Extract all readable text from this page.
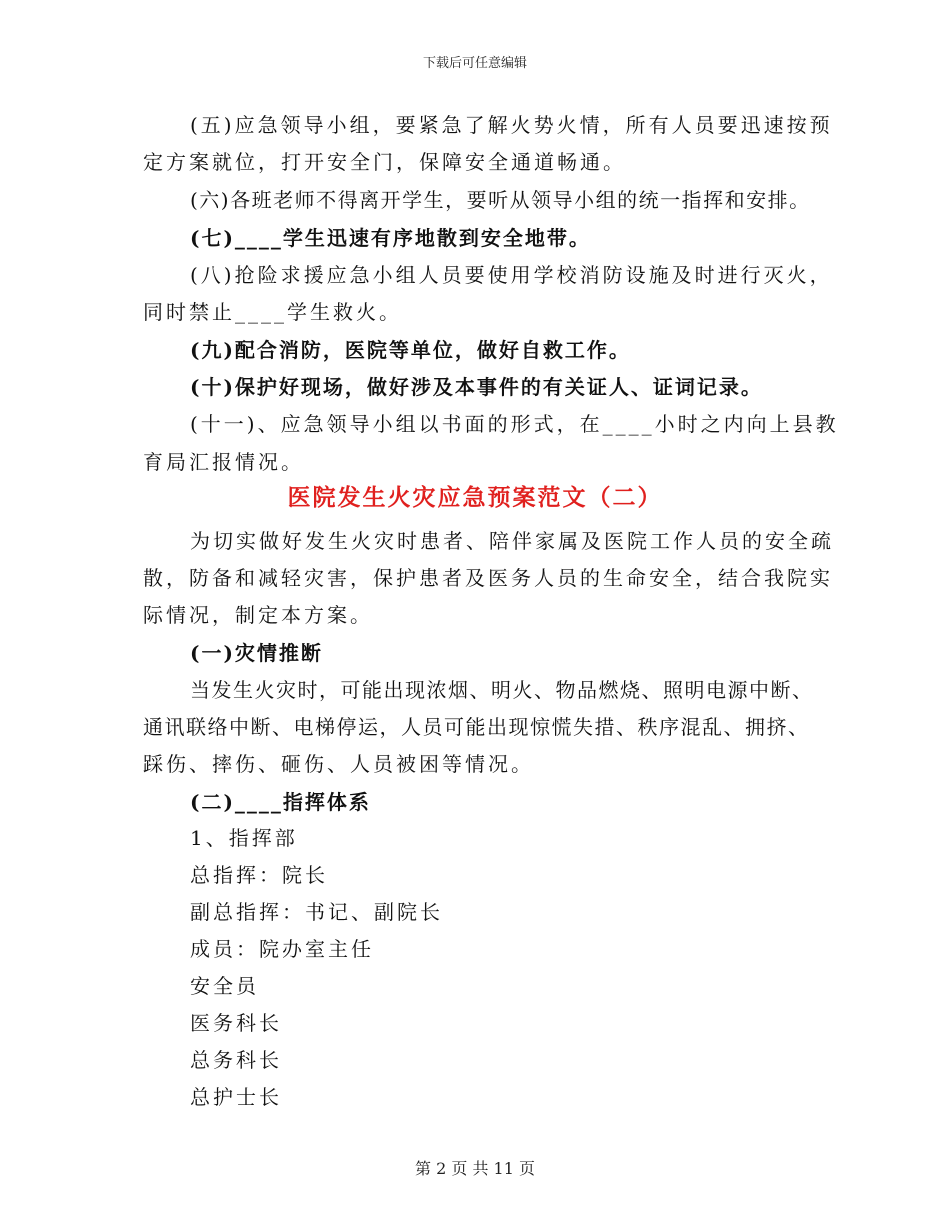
下载后可任意编辑
(五)应急领导小组，要紧急了解火势火情，所有人员要迅速按预
定方案就位，打开安全门，保障安全通道畅通。
(六)各班老师不得离开学生，要听从领导小组的统一指挥和安排。
(七)____学生迅速有序地散到安全地带。
(八)抢险求援应急小组人员要使用学校消防设施及时进行灭火，
同时禁止____学生救火。
(九)配合消防，医院等单位，做好自救工作。
(十)保护好现场，做好涉及本事件的有关证人、证词记录。
(十一)、应急领导小组以书面的形式，在____小时之内向上县教
育局汇报情况。
医院发生火灾应急预案范文（二）
为切实做好发生火灾时患者、陪伴家属及医院工作人员的安全疏
散，防备和减轻灾害，保护患者及医务人员的生命安全，结合我院实
际情况，制定本方案。
(一)灾情推断
当发生火灾时，可能出现浓烟、明火、物品燃烧、照明电源中断、
通讯联络中断、电梯停运，人员可能出现惊慌失措、秩序混乱、拥挤、
踩伤、摔伤、砸伤、人员被困等情况。
(二)____指挥体系
1、指挥部
总指挥：院长
副总指挥：书记、副院长
成员：院办室主任
安全员
医务科长
总务科长
总护士长
第 2 页 共 11 页
